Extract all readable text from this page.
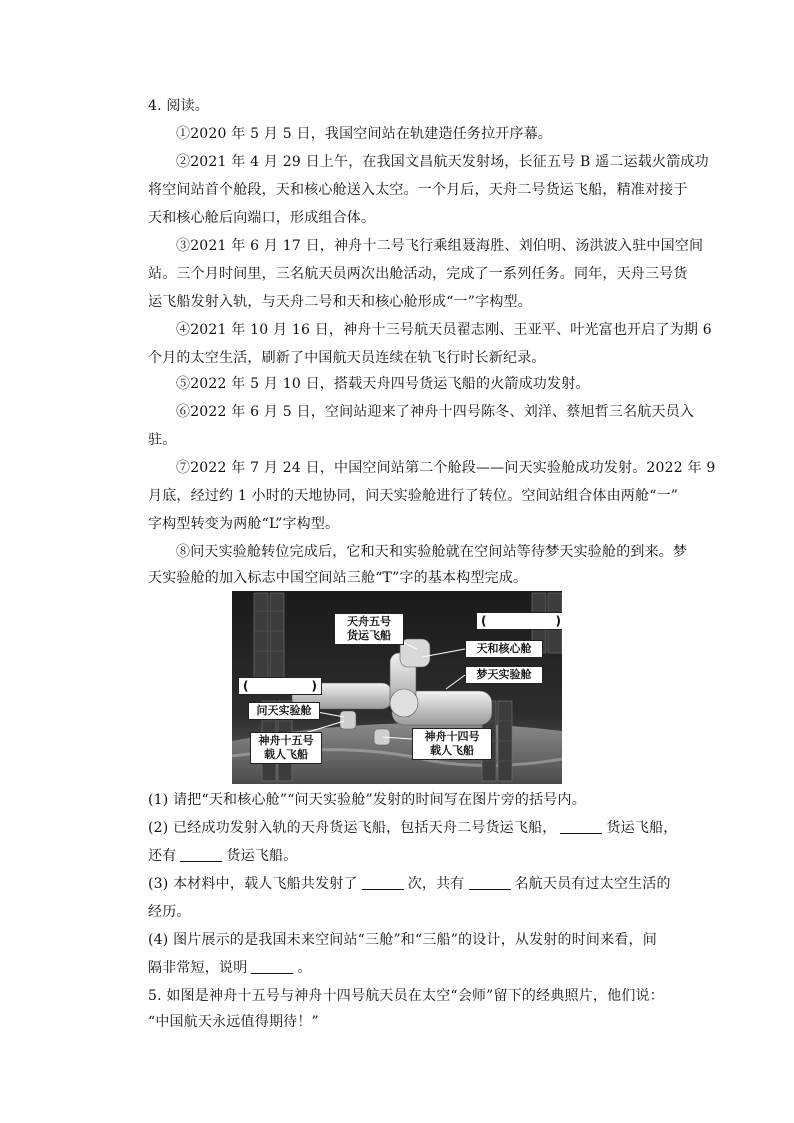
4. 阅读。
①2020 年 5 月 5 日，我国空间站在轨建造任务拉开序幕。
②2021 年 4 月 29 日上午，在我国文昌航天发射场，长征五号 B 遥二运载火箭成功
将空间站首个舱段，天和核心舱送入太空。一个月后，天舟二号货运飞船，精准对接于
天和核心舱后向端口，形成组合体。
③2021 年 6 月 17 日，神舟十二号飞行乘组聂海胜、刘伯明、汤洪波入驻中国空间
站。三个月时间里，三名航天员两次出舱活动，完成了一系列任务。同年，天舟三号货
运飞船发射入轨，与天舟二号和天和核心舱形成“一”字构型。
④2021 年 10 月 16 日，神舟十三号航天员翟志刚、王亚平、叶光富也开启了为期 6
个月的太空生活，刷新了中国航天员连续在轨飞行时长新纪录。
⑤2022 年 5 月 10 日，搭载天舟四号货运飞船的火箭成功发射。
⑥2022 年 6 月 5 日，空间站迎来了神舟十四号陈冬、刘洋、蔡旭哲三名航天员入
驻。
⑦2022 年 7 月 24 日，中国空间站第二个舱段——问天实验舱成功发射。2022 年 9
月底，经过约 1 小时的天地协同，问天实验舱进行了转位。空间站组合体由两舱“一”
字构型转变为两舱“L”字构型。
⑧问天实验舱转位完成后，它和天和实验舱就在空间站等待梦天实验舱的到来。梦
天实验舱的加入标志中国空间站三舱“T”字的基本构型完成。
天舟五号
货运飞船
(	)
天和核心舱
梦天实验舱
(	)
问天实验舱
神舟十五号
载人飞船
神舟十四号
载人飞船
(1) 请把“天和核心舱”“问天实验舱”发射的时间写在图片旁的括号内。
(2) 已经成功发射入轨的天舟货运飞船，包括天舟二号货运飞船，	货运飞船，
还有	货运飞船。
(3) 本材料中，载人飞船共发射了	次，共有	名航天员有过太空生活的
经历。
(4) 图片展示的是我国未来空间站“三舱”和“三船”的设计，从发射的时间来看，间
隔非常短，说明	。
5. 如图是神舟十五号与神舟十四号航天员在太空“会师”留下的经典照片，他们说：
“中国航天永远值得期待！”
